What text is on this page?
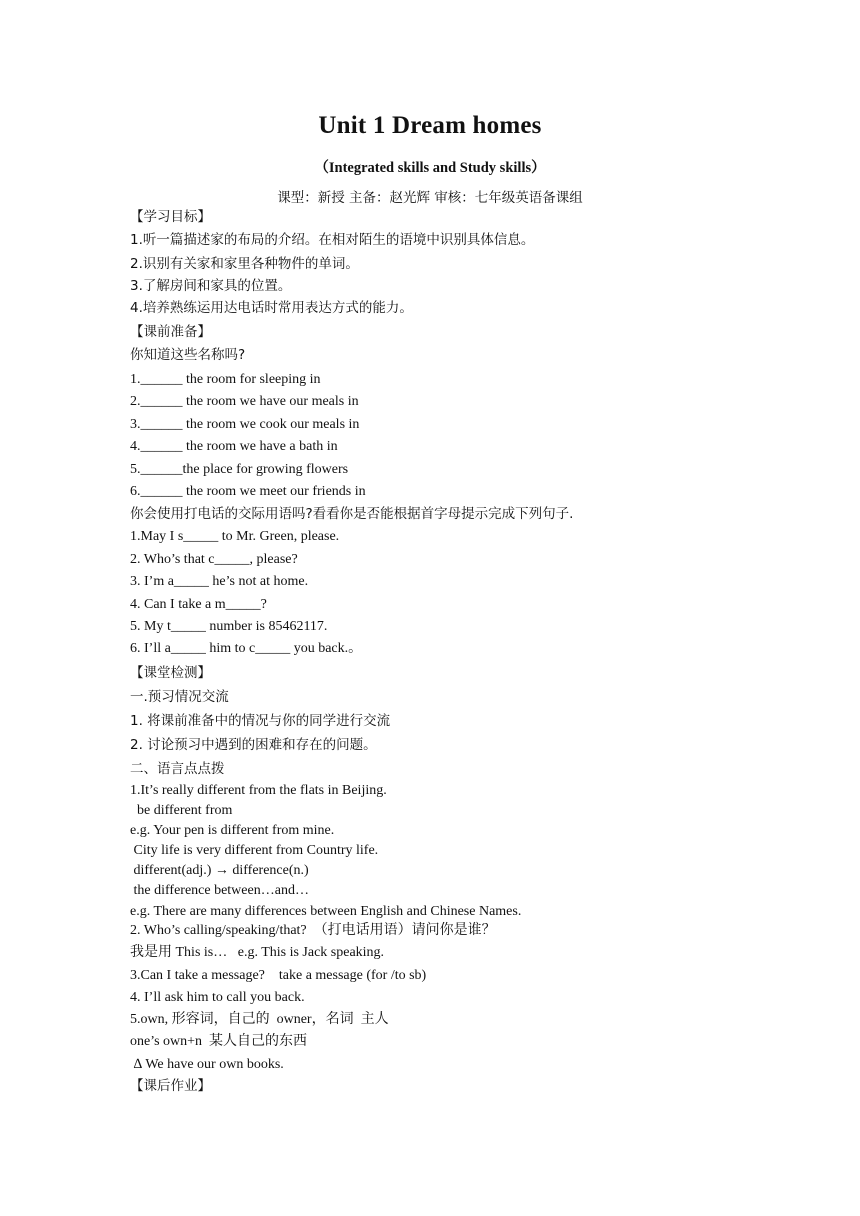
Unit 1 Dream homes
（Integrated skills and Study skills）
课型：新授 主备：赵光辉 审核：七年级英语备课组
【学习目标】
1.听一篇描述家的布局的介绍。在相对陌生的语境中识别具体信息。
2.识别有关家和家里各种物件的单词。
3.了解房间和家具的位置。
4.培养熟练运用达电话时常用表达方式的能力。
【课前准备】
你知道这些名称吗?
1.______ the room for sleeping in
2.______ the room we have our meals in
3.______ the room we cook our meals in
4.______ the room we have a bath in
5.______the place for growing flowers
6.______ the room we meet our friends in
你会使用打电话的交际用语吗?看看你是否能根据首字母提示完成下列句子.
1.May I s_____ to Mr. Green, please.
2. Who’s that c_____, please?
3. I’m a_____ he’s not at home.
4. Can I take a m_____?
5. My t_____ number is 85462117.
6. I’ll a_____ him to c_____ you back.。
【课堂检测】
一.预习情况交流
1. 将课前准备中的情况与你的同学进行交流
2. 讨论预习中遇到的困难和存在的问题。
二、语言点点拨
1.It’s really different from the flats in Beijing.
be different from
e.g. Your pen is different from mine.
City life is very different from Country life.
different(adj.) → difference(n.)
the difference between…and…
e.g. There are many differences between English and Chinese Names.
2. Who’s calling/speaking/that?  （打电话用语）请问你是谁？
我是用 This is…   e.g. This is Jack speaking.
3.Can I take a message?    take a message (for /to sb)
4. I’ll ask him to call you back.
5.own, 形容词，自己的  owner，名词  主人
one’s own+n  某人自己的东西
∆ We have our own books.
【课后作业】
